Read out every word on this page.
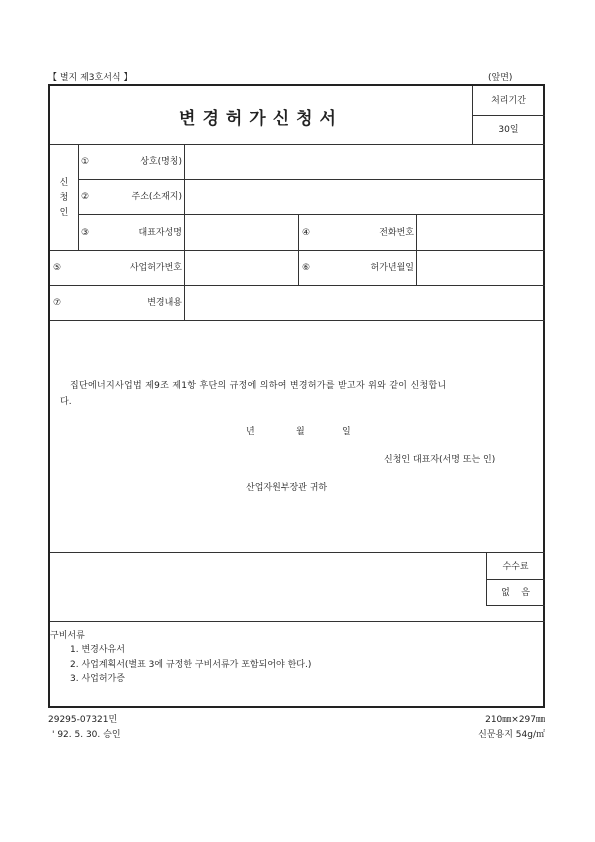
【 별지 제3호서식 】	(앞면)
변경허가신청서
처리기간
30일
신
청
인
①	상호(명칭)
②	주소(소재지)
③	대표자성명	④	전화번호
⑤	사업허가번호	⑥	허가년월일
⑦	변경내용
집단에너지사업법 제9조 제1항 후단의 규정에 의하여 변경허가를 받고자 위와 같이 신청합니
다.
년	월	일
신청인 대표자(서명 또는 인)
산업자원부장관 귀하
수수료
없    음
구비서류
1. 변경사유서
2. 사업계획서(별표 3에 규정한 구비서류가 포함되어야 한다.)
3. 사업허가증
29295-07321민	210㎜×297㎜
' 92. 5. 30. 승인	신문용지 54g/㎡
